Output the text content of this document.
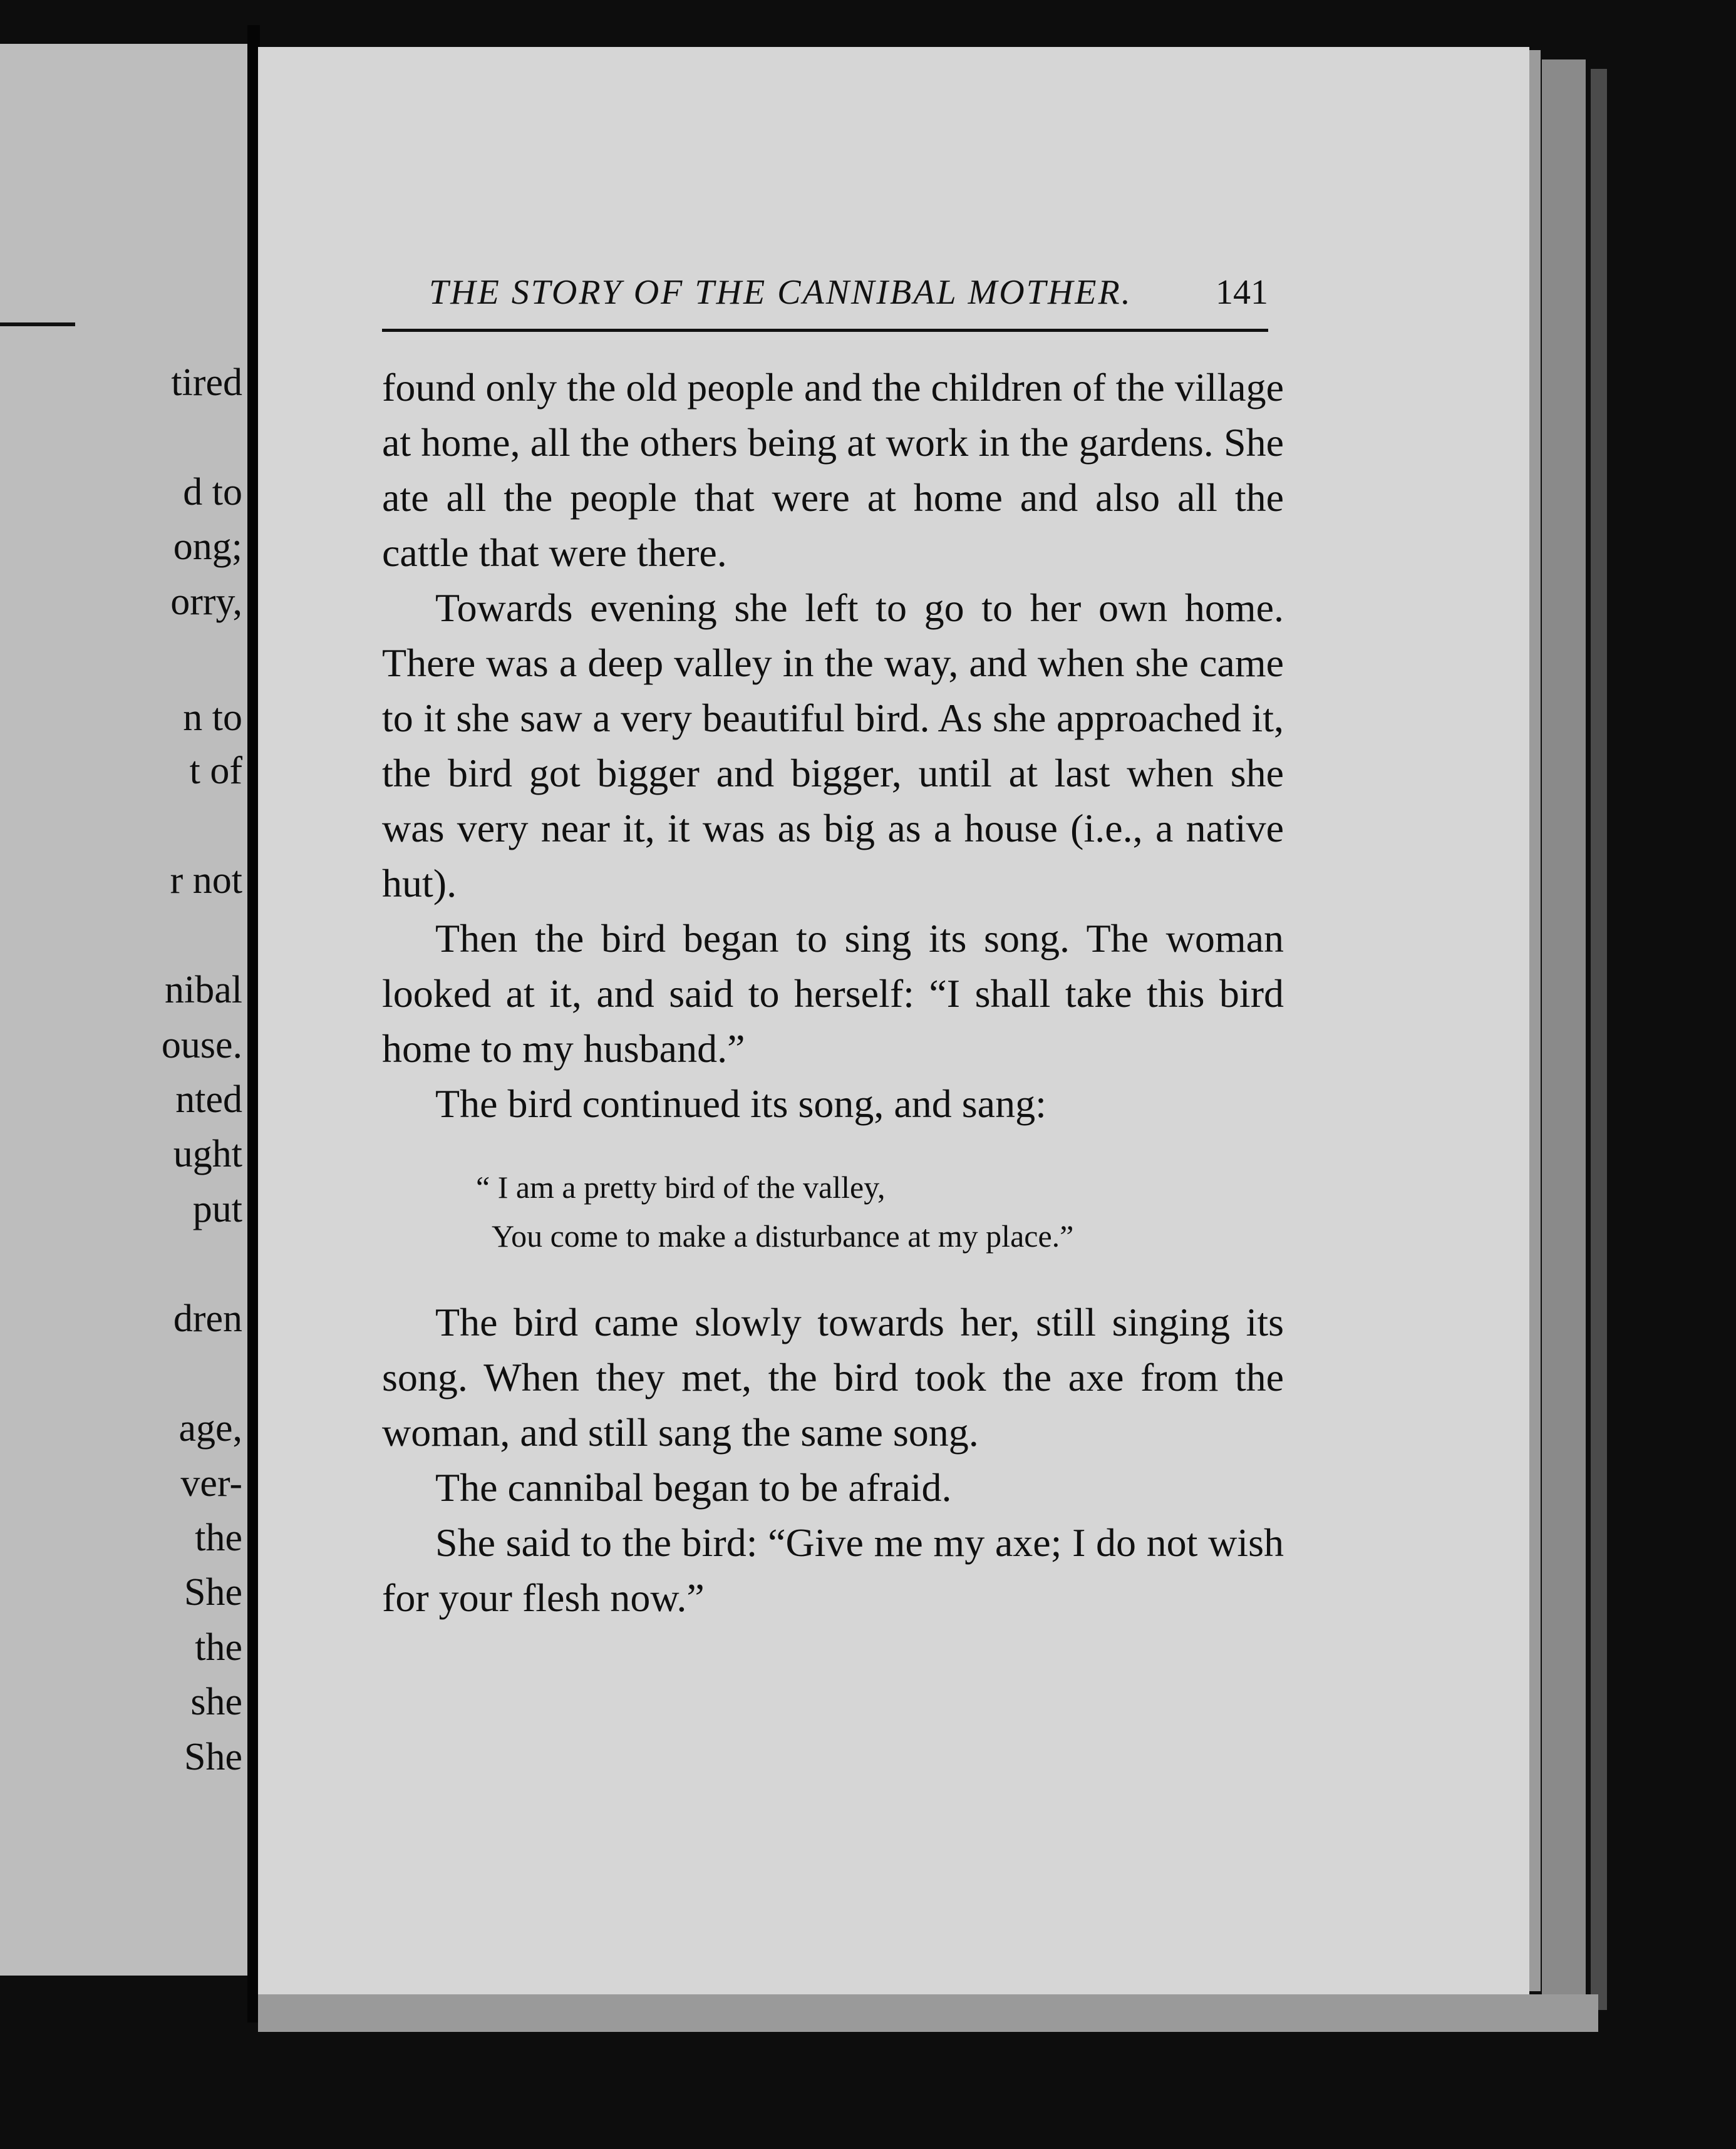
tired
d to
ong;
orry,
n to
t of
r not
nibal
ouse.
nted
ught
put
dren
age,
ver-
the
She
the
she
She
THE STORY OF THE CANNIBAL MOTHER. 141

found only the old people and the children of the village at home, all the others being at work in the gardens. She ate all the people that were at home and also all the cattle that were there.

Towards evening she left to go to her own home. There was a deep valley in the way, and when she came to it she saw a very beautiful bird. As she approached it, the bird got bigger and bigger, until at last when she was very near it, it was as big as a house (i.e., a native hut).

Then the bird began to sing its song. The woman looked at it, and said to herself: “I shall take this bird home to my husband.”

The bird continued its song, and sang:

“ I am a pretty bird of the valley,
You come to make a disturbance at my place.”

The bird came slowly towards her, still singing its song. When they met, the bird took the axe from the woman, and still sang the same song.

The cannibal began to be afraid.

She said to the bird: “Give me my axe; I do not wish for your flesh now.”
